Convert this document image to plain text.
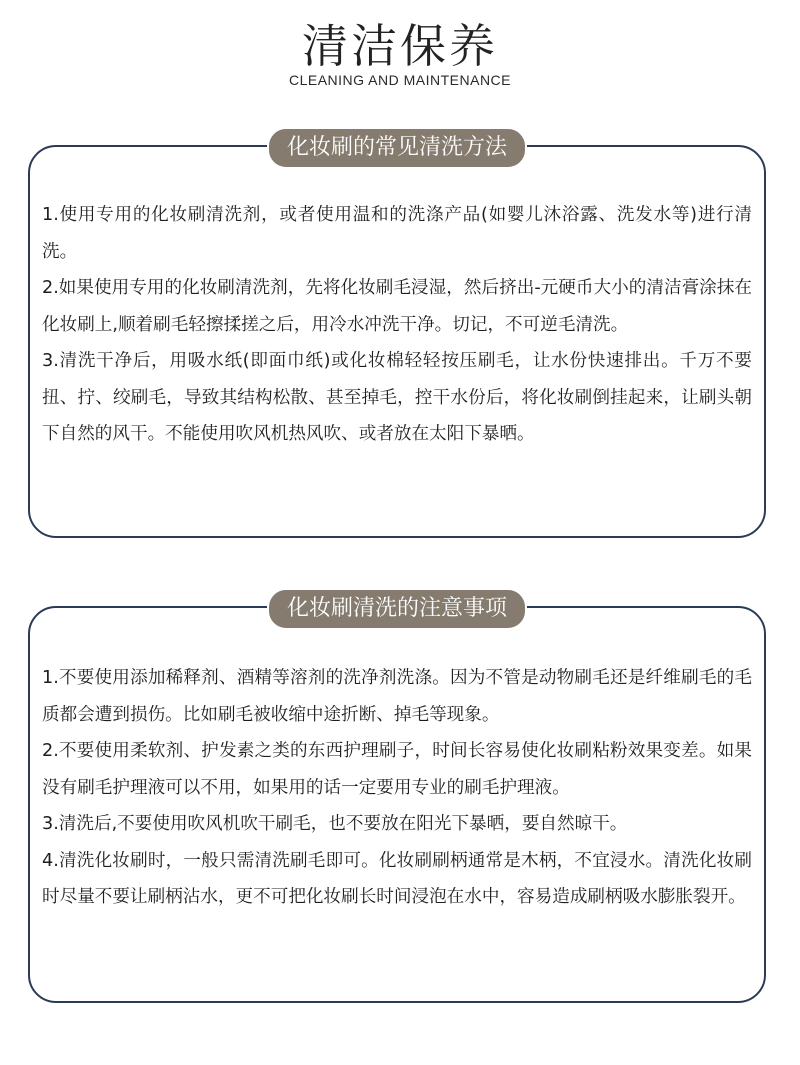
清洁保养
CLEANING AND MAINTENANCE
化妆刷的常见清洗方法

1.使用专用的化妆刷清洗剂，或者使用温和的洗涤产品(如婴儿沐浴露、洗发水等)进行清洗。

2.如果使用专用的化妆刷清洗剂，先将化妆刷毛浸湿，然后挤出-元硬币大小的清洁膏涂抹在化妆刷上,顺着刷毛轻擦揉搓之后，用冷水冲洗干净。切记，不可逆毛清洗。

3.清洗干净后，用吸水纸(即面巾纸)或化妆棉轻轻按压刷毛，让水份快速排出。千万不要扭、拧、绞刷毛，导致其结构松散、甚至掉毛，控干水份后，将化妆刷倒挂起来，让刷头朝下自然的风干。不能使用吹风机热风吹、或者放在太阳下暴晒。

化妆刷清洗的注意事项

1.不要使用添加稀释剂、酒精等溶剂的洗净剂洗涤。因为不管是动物刷毛还是纤维刷毛的毛质都会遭到损伤。比如刷毛被收缩中途折断、掉毛等现象。

2.不要使用柔软剂、护发素之类的东西护理刷子，时间长容易使化妆刷粘粉效果变差。如果没有刷毛护理液可以不用，如果用的话一定要用专业的刷毛护理液。

3.清洗后,不要使用吹风机吹干刷毛，也不要放在阳光下暴晒，要自然晾干。

4.清洗化妆刷时，一般只需清洗刷毛即可。化妆刷刷柄通常是木柄，不宜浸水。清洗化妆刷时尽量不要让刷柄沾水，更不可把化妆刷长时间浸泡在水中，容易造成刷柄吸水膨胀裂开。
